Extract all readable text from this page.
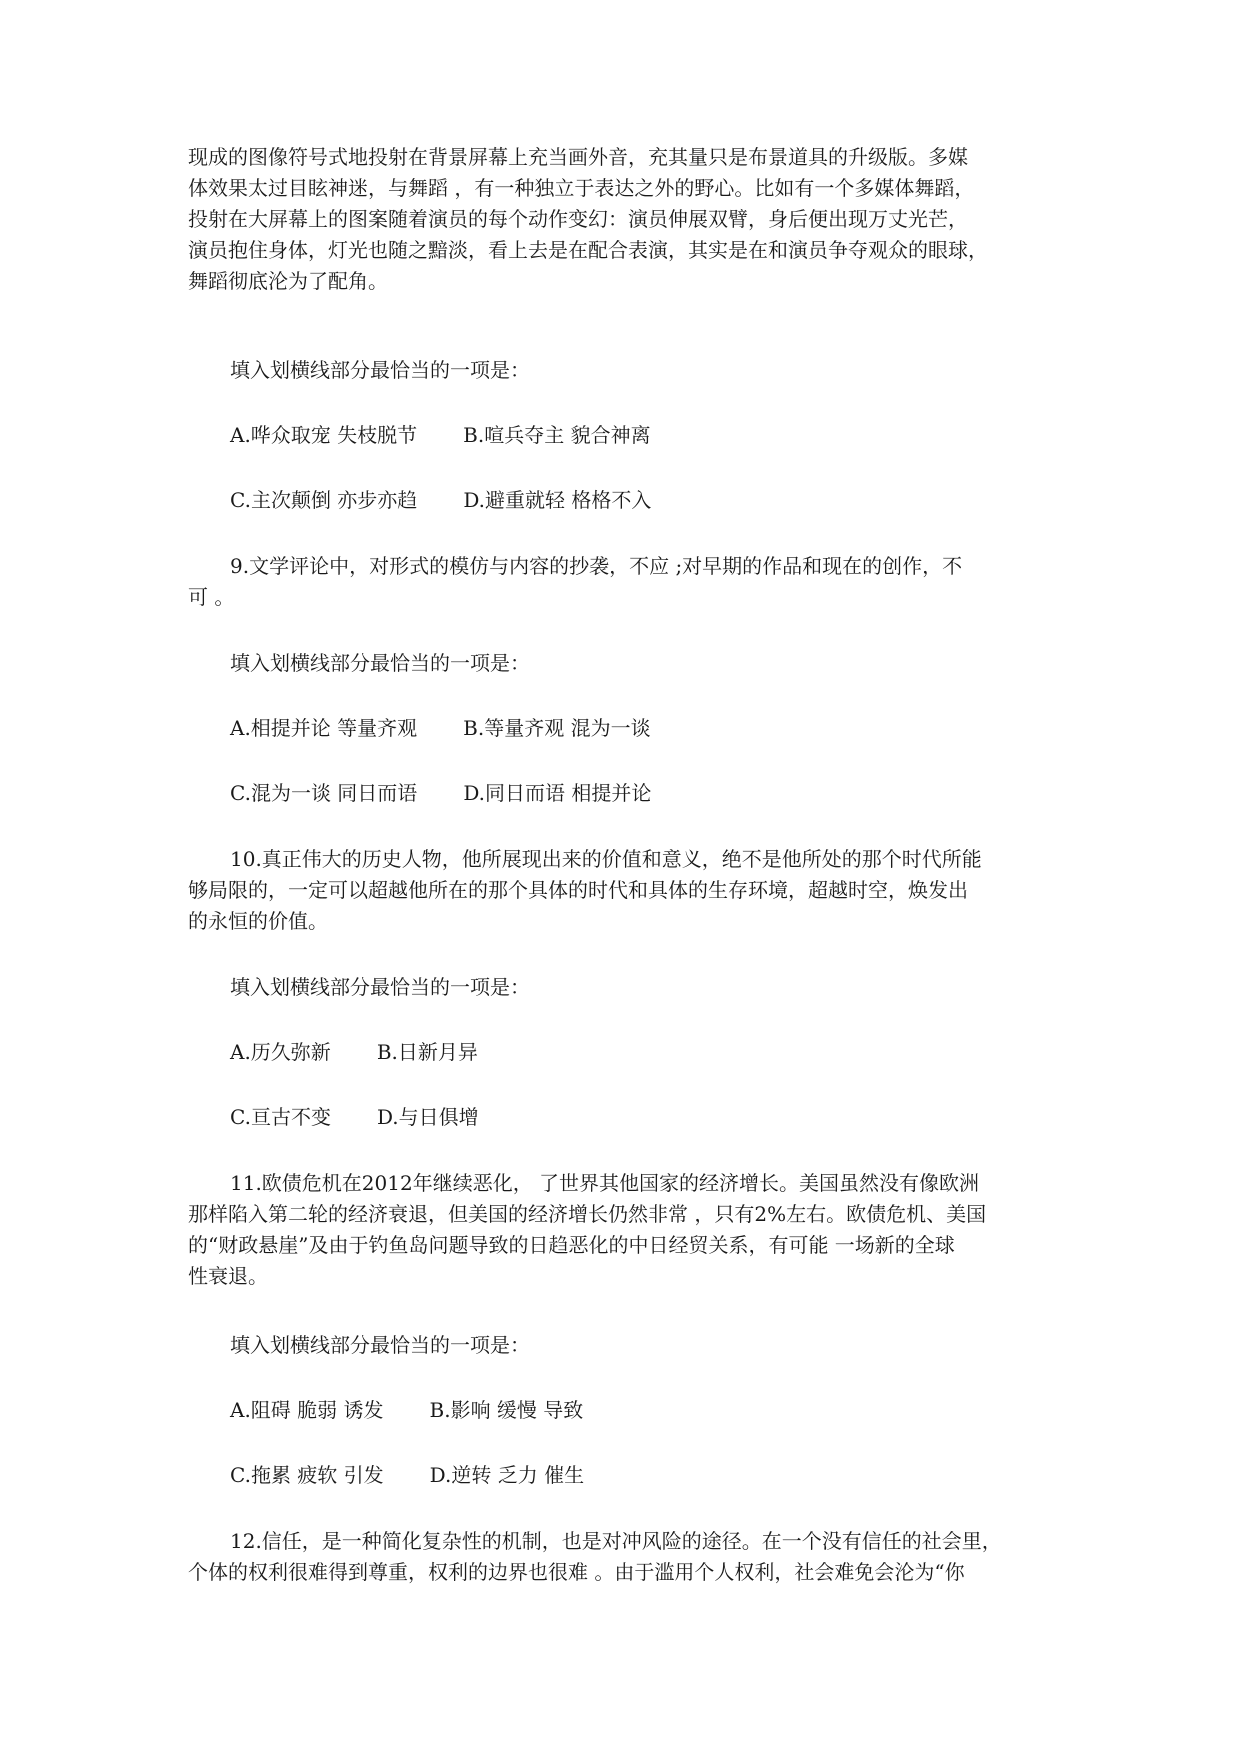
现成的图像符号式地投射在背景屏幕上充当画外音，充其量只是布景道具的升级版。多媒
体效果太过目眩神迷，与舞蹈 ，有一种独立于表达之外的野心。比如有一个多媒体舞蹈，
投射在大屏幕上的图案随着演员的每个动作变幻：演员伸展双臂，身后便出现万丈光芒，
演员抱住身体，灯光也随之黯淡，看上去是在配合表演，其实是在和演员争夺观众的眼球，
舞蹈彻底沦为了配角。
填入划横线部分最恰当的一项是：
A.哗众取宠 失枝脱节 B.喧兵夺主 貌合神离
C.主次颠倒 亦步亦趋 D.避重就轻 格格不入
9.文学评论中，对形式的模仿与内容的抄袭，不应 ;对早期的作品和现在的创作，不
可 。
填入划横线部分最恰当的一项是：
A.相提并论 等量齐观 B.等量齐观 混为一谈
C.混为一谈 同日而语 D.同日而语 相提并论
10.真正伟大的历史人物，他所展现出来的价值和意义，绝不是他所处的那个时代所能
够局限的，一定可以超越他所在的那个具体的时代和具体的生存环境，超越时空，焕发出
的永恒的价值。
填入划横线部分最恰当的一项是：
A.历久弥新 B.日新月异
C.亘古不变 D.与日俱增
11.欧债危机在2012年继续恶化， 了世界其他国家的经济增长。美国虽然没有像欧洲
那样陷入第二轮的经济衰退，但美国的经济增长仍然非常 ，只有2%左右。欧债危机、美国
的“财政悬崖”及由于钓鱼岛问题导致的日趋恶化的中日经贸关系，有可能 一场新的全球
性衰退。
填入划横线部分最恰当的一项是：
A.阻碍 脆弱 诱发 B.影响 缓慢 导致
C.拖累 疲软 引发 D.逆转 乏力 催生
12.信任，是一种简化复杂性的机制，也是对冲风险的途径。在一个没有信任的社会里，
个体的权利很难得到尊重，权利的边界也很难 。由于滥用个人权利，社会难免会沦为“你
